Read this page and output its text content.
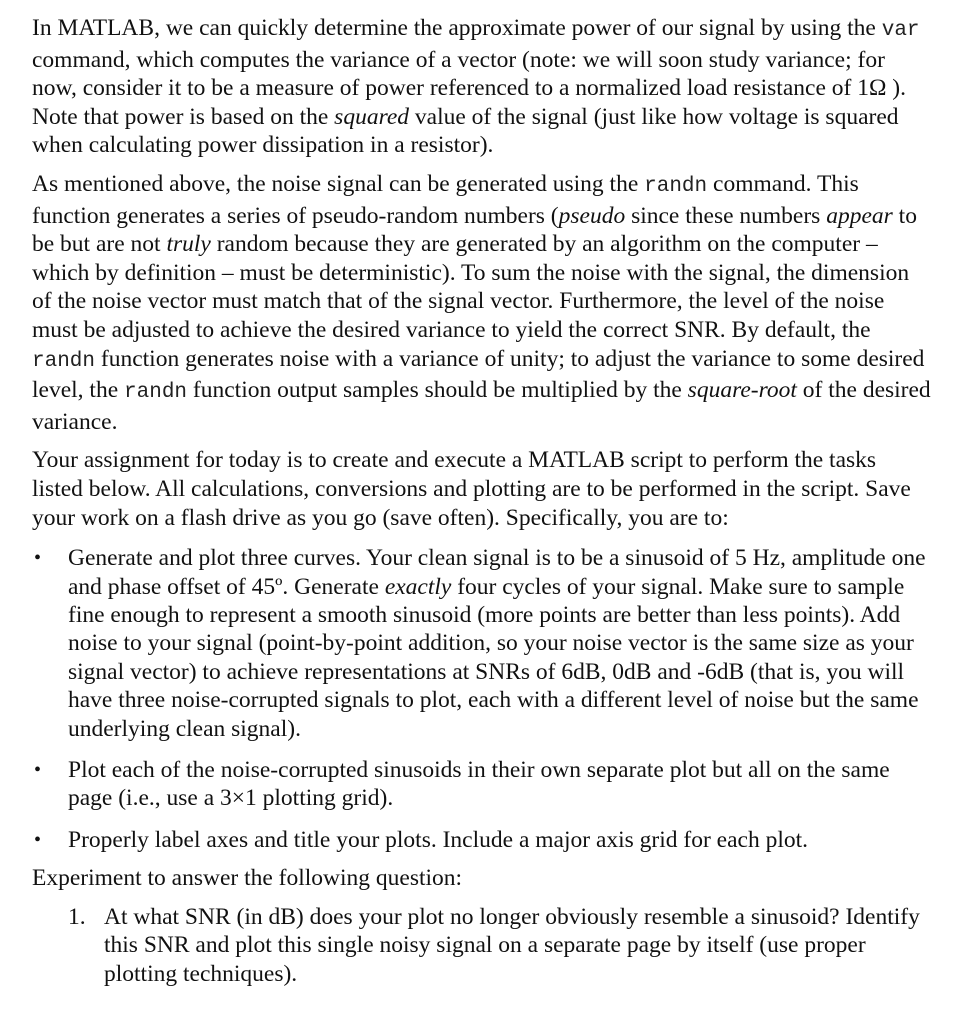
In MATLAB, we can quickly determine the approximate power of our signal by using the var command, which computes the variance of a vector (note: we will soon study variance; for now, consider it to be a measure of power referenced to a normalized load resistance of 1Ω ). Note that power is based on the squared value of the signal (just like how voltage is squared when calculating power dissipation in a resistor).

As mentioned above, the noise signal can be generated using the randn command. This function generates a series of pseudo-random numbers (pseudo since these numbers appear to be but are not truly random because they are generated by an algorithm on the computer – which by definition – must be deterministic). To sum the noise with the signal, the dimension of the noise vector must match that of the signal vector. Furthermore, the level of the noise must be adjusted to achieve the desired variance to yield the correct SNR. By default, the randn function generates noise with a variance of unity; to adjust the variance to some desired level, the randn function output samples should be multiplied by the square-root of the desired variance.

Your assignment for today is to create and execute a MATLAB script to perform the tasks listed below. All calculations, conversions and plotting are to be performed in the script. Save your work on a flash drive as you go (save often). Specifically, you are to:

• Generate and plot three curves. Your clean signal is to be a sinusoid of 5 Hz, amplitude one and phase offset of 45º. Generate exactly four cycles of your signal. Make sure to sample fine enough to represent a smooth sinusoid (more points are better than less points). Add noise to your signal (point-by-point addition, so your noise vector is the same size as your signal vector) to achieve representations at SNRs of 6dB, 0dB and -6dB (that is, you will have three noise-corrupted signals to plot, each with a different level of noise but the same underlying clean signal).
• Plot each of the noise-corrupted sinusoids in their own separate plot but all on the same page (i.e., use a 3×1 plotting grid).
• Properly label axes and title your plots. Include a major axis grid for each plot.

Experiment to answer the following question:

1. At what SNR (in dB) does your plot no longer obviously resemble a sinusoid? Identify this SNR and plot this single noisy signal on a separate page by itself (use proper plotting techniques).
